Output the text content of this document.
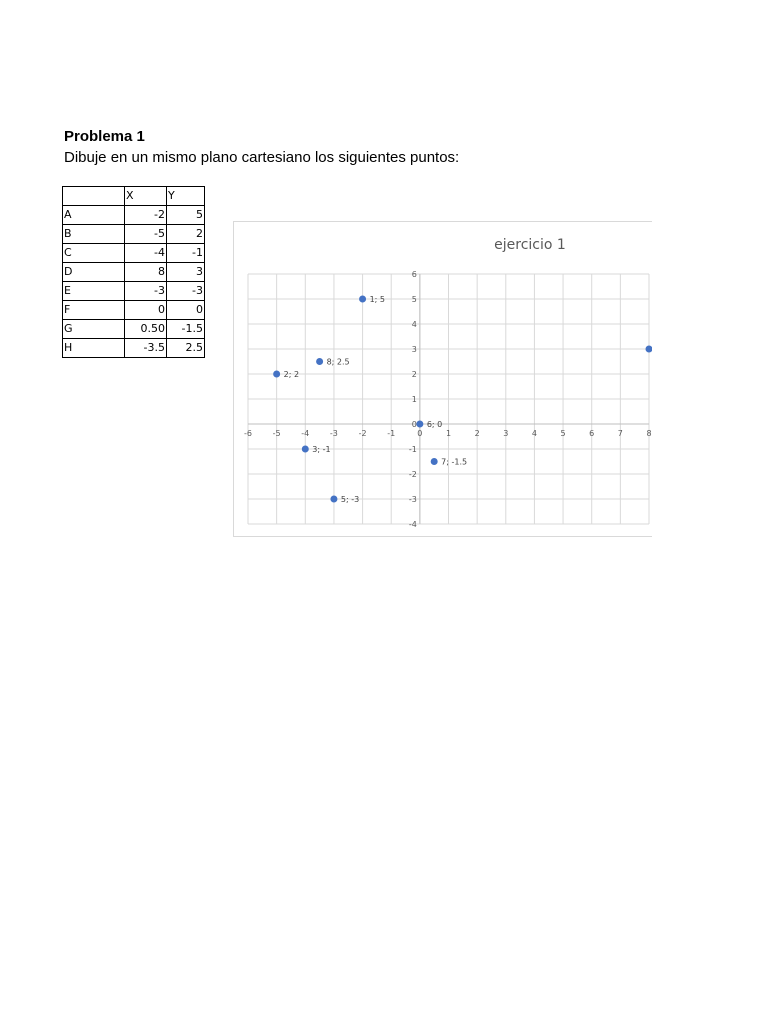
Problema 1
Dibuje en un mismo plano cartesiano los siguientes puntos:
	X	Y
A	-2	5
B	-5	2
C	-4	-1
D	8	3
E	-3	-3
F	0	0
G	0.50	-1.5
H	-3.5	2.5
ejercicio 1
-6	-5	-4	-3	-2	-1	0	1	2	3	4	5	6	7	8
-4
-3
-2
-1
0
1
2
3
4
5
6
1; 5
2; 2
3; -1
5; -3
6; 0
7; -1.5
8; 2.5
